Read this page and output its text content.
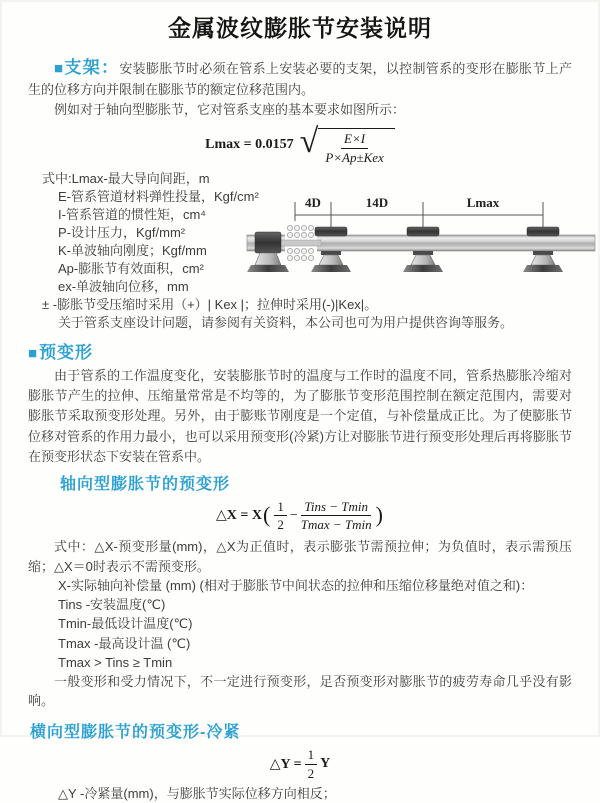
金属波纹膨胀节安装说明

■支架：安装膨胀节时必须在管系上安装必要的支架，以控制管系的变形在膨胀节上产生的位移方向并限制在膨胀节的额定位移范围内。

例如对于轴向型膨胀节，它对管系支座的基本要求如图所示：

Lmax = 0.0157 √ $\frac{E\times I}{\text{P×Ap±Kex}}$
式中:Lmax-最大导向间距，m
E-管系管道材料弹性投量，Kgf/cm²
I-管系管道的惯性矩，cm⁴
P-设计压力，Kgf/mm²
K-单波轴向刚度；Kgf/mm
Ap-膨胀节有效面积，cm²
ex-单波轴向位移，mm
± -膨胀节受压缩时采用（+）| Kex |；拉伸时采用(-)|Kex|。
关于管系支座设计问题，请参阅有关资料，本公司也可为用户提供咨询等服务。
■预变形

由于管系的工作温度变化，安装膨胀节时的温度与工作时的温度不同，管系热膨胀冷缩对膨胀节产生的拉伸、压缩量常常是不均等的，为了膨胀节变形范围控制在额定范围内，需要对膨胀节采取预变形处理。另外，由于膨账节刚度是一个定值，与补偿量成正比。为了使膨胀节位移对管系的作用力最小，也可以采用预变形(冷紧)方让对膨胀节进行预变形处理后再将膨胀节在预变形状态下安装在管系中。

轴向型膨胀节的预变形
△X = X ( $\frac{1}{2} - \frac{\text{Tins − Tmin}}{Tmax - Tmin}$ )

式中：△X-预变形量(mm)，△X为正值时，表示膨张节需预拉伸；为负值时，表示需预压缩；△X＝0时表示不需预变形。

X-实际轴向补偿量 (mm) (相对于膨胀节中间状态的拉伸和压缩位移量绝对值之和)：
Tins -安装温度(℃)
Tmin-最低设计温度(℃)
Tmax -最高设计温 (℃)
Tmax > Tins ≥ Tmin

一般变形和受力情况下，不一定进行预变形，足否预变形对膨胀节的疲劳寿命几乎没有影响。

横向型膨胀节的预变形-冷紧
△Y = $\frac{1}{2}$ Y
△Y -冷紧量(mm)，与膨胀节实际位移方向相反；
4D	14D	Lmax
